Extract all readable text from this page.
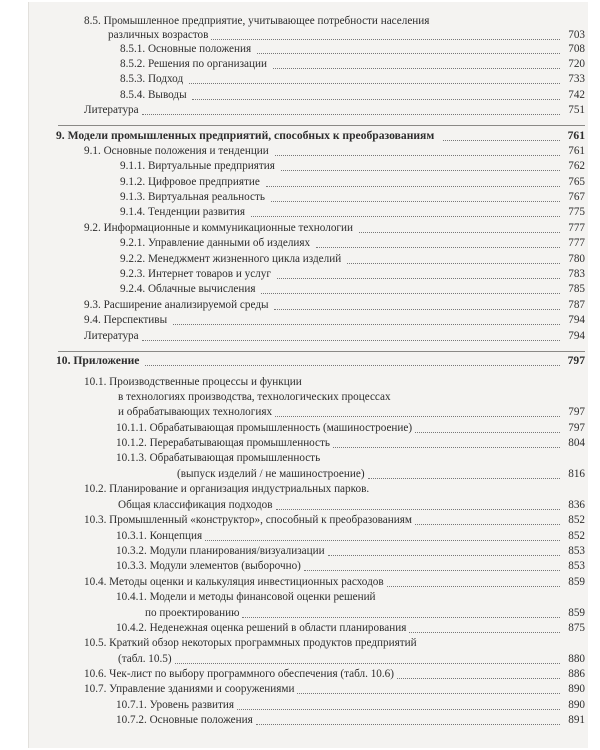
8.5. Промышленное предприятие, учитывающее потребности населения
различных возрастов	703
8.5.1. Основные положения	708
8.5.2. Решения по организации	720
8.5.3. Подход	733
8.5.4. Выводы	742
Литература	751
9. Модели промышленных предприятий, способных к преобразованиям	761
9.1. Основные положения и тенденции	761
9.1.1. Виртуальные предприятия	762
9.1.2. Цифровое предприятие	765
9.1.3. Виртуальная реальность	767
9.1.4. Тенденции развития	775
9.2. Информационные и коммуникационные технологии	777
9.2.1. Управление данными об изделиях	777
9.2.2. Менеджмент жизненного цикла изделий	780
9.2.3. Интернет товаров и услуг	783
9.2.4. Облачные вычисления	785
9.3. Расширение анализируемой среды	787
9.4. Перспективы	794
Литература	794
10. Приложение	797
10.1. Производственные процессы и функции
в технологиях производства, технологических процессах
и обрабатывающих технологиях	797
10.1.1. Обрабатывающая промышленность (машиностроение)	797
10.1.2. Перерабатывающая промышленность	804
10.1.3. Обрабатывающая промышленность
(выпуск изделий / не машиностроение)	816
10.2. Планирование и организация индустриальных парков.
Общая классификация подходов	836
10.3. Промышленный «конструктор», способный к преобразованиям	852
10.3.1. Концепция	852
10.3.2. Модули планирования/визуализации	853
10.3.3. Модули элементов (выборочно)	853
10.4. Методы оценки и калькуляция инвестиционных расходов	859
10.4.1. Модели и методы финансовой оценки решений
по проектированию	859
10.4.2. Неденежная оценка решений в области планирования	875
10.5. Краткий обзор некоторых программных продуктов предприятий
(табл. 10.5)	880
10.6. Чек-лист по выбору программного обеспечения (табл. 10.6)	886
10.7. Управление зданиями и сооружениями	890
10.7.1. Уровень развития	890
10.7.2. Основные положения	891
